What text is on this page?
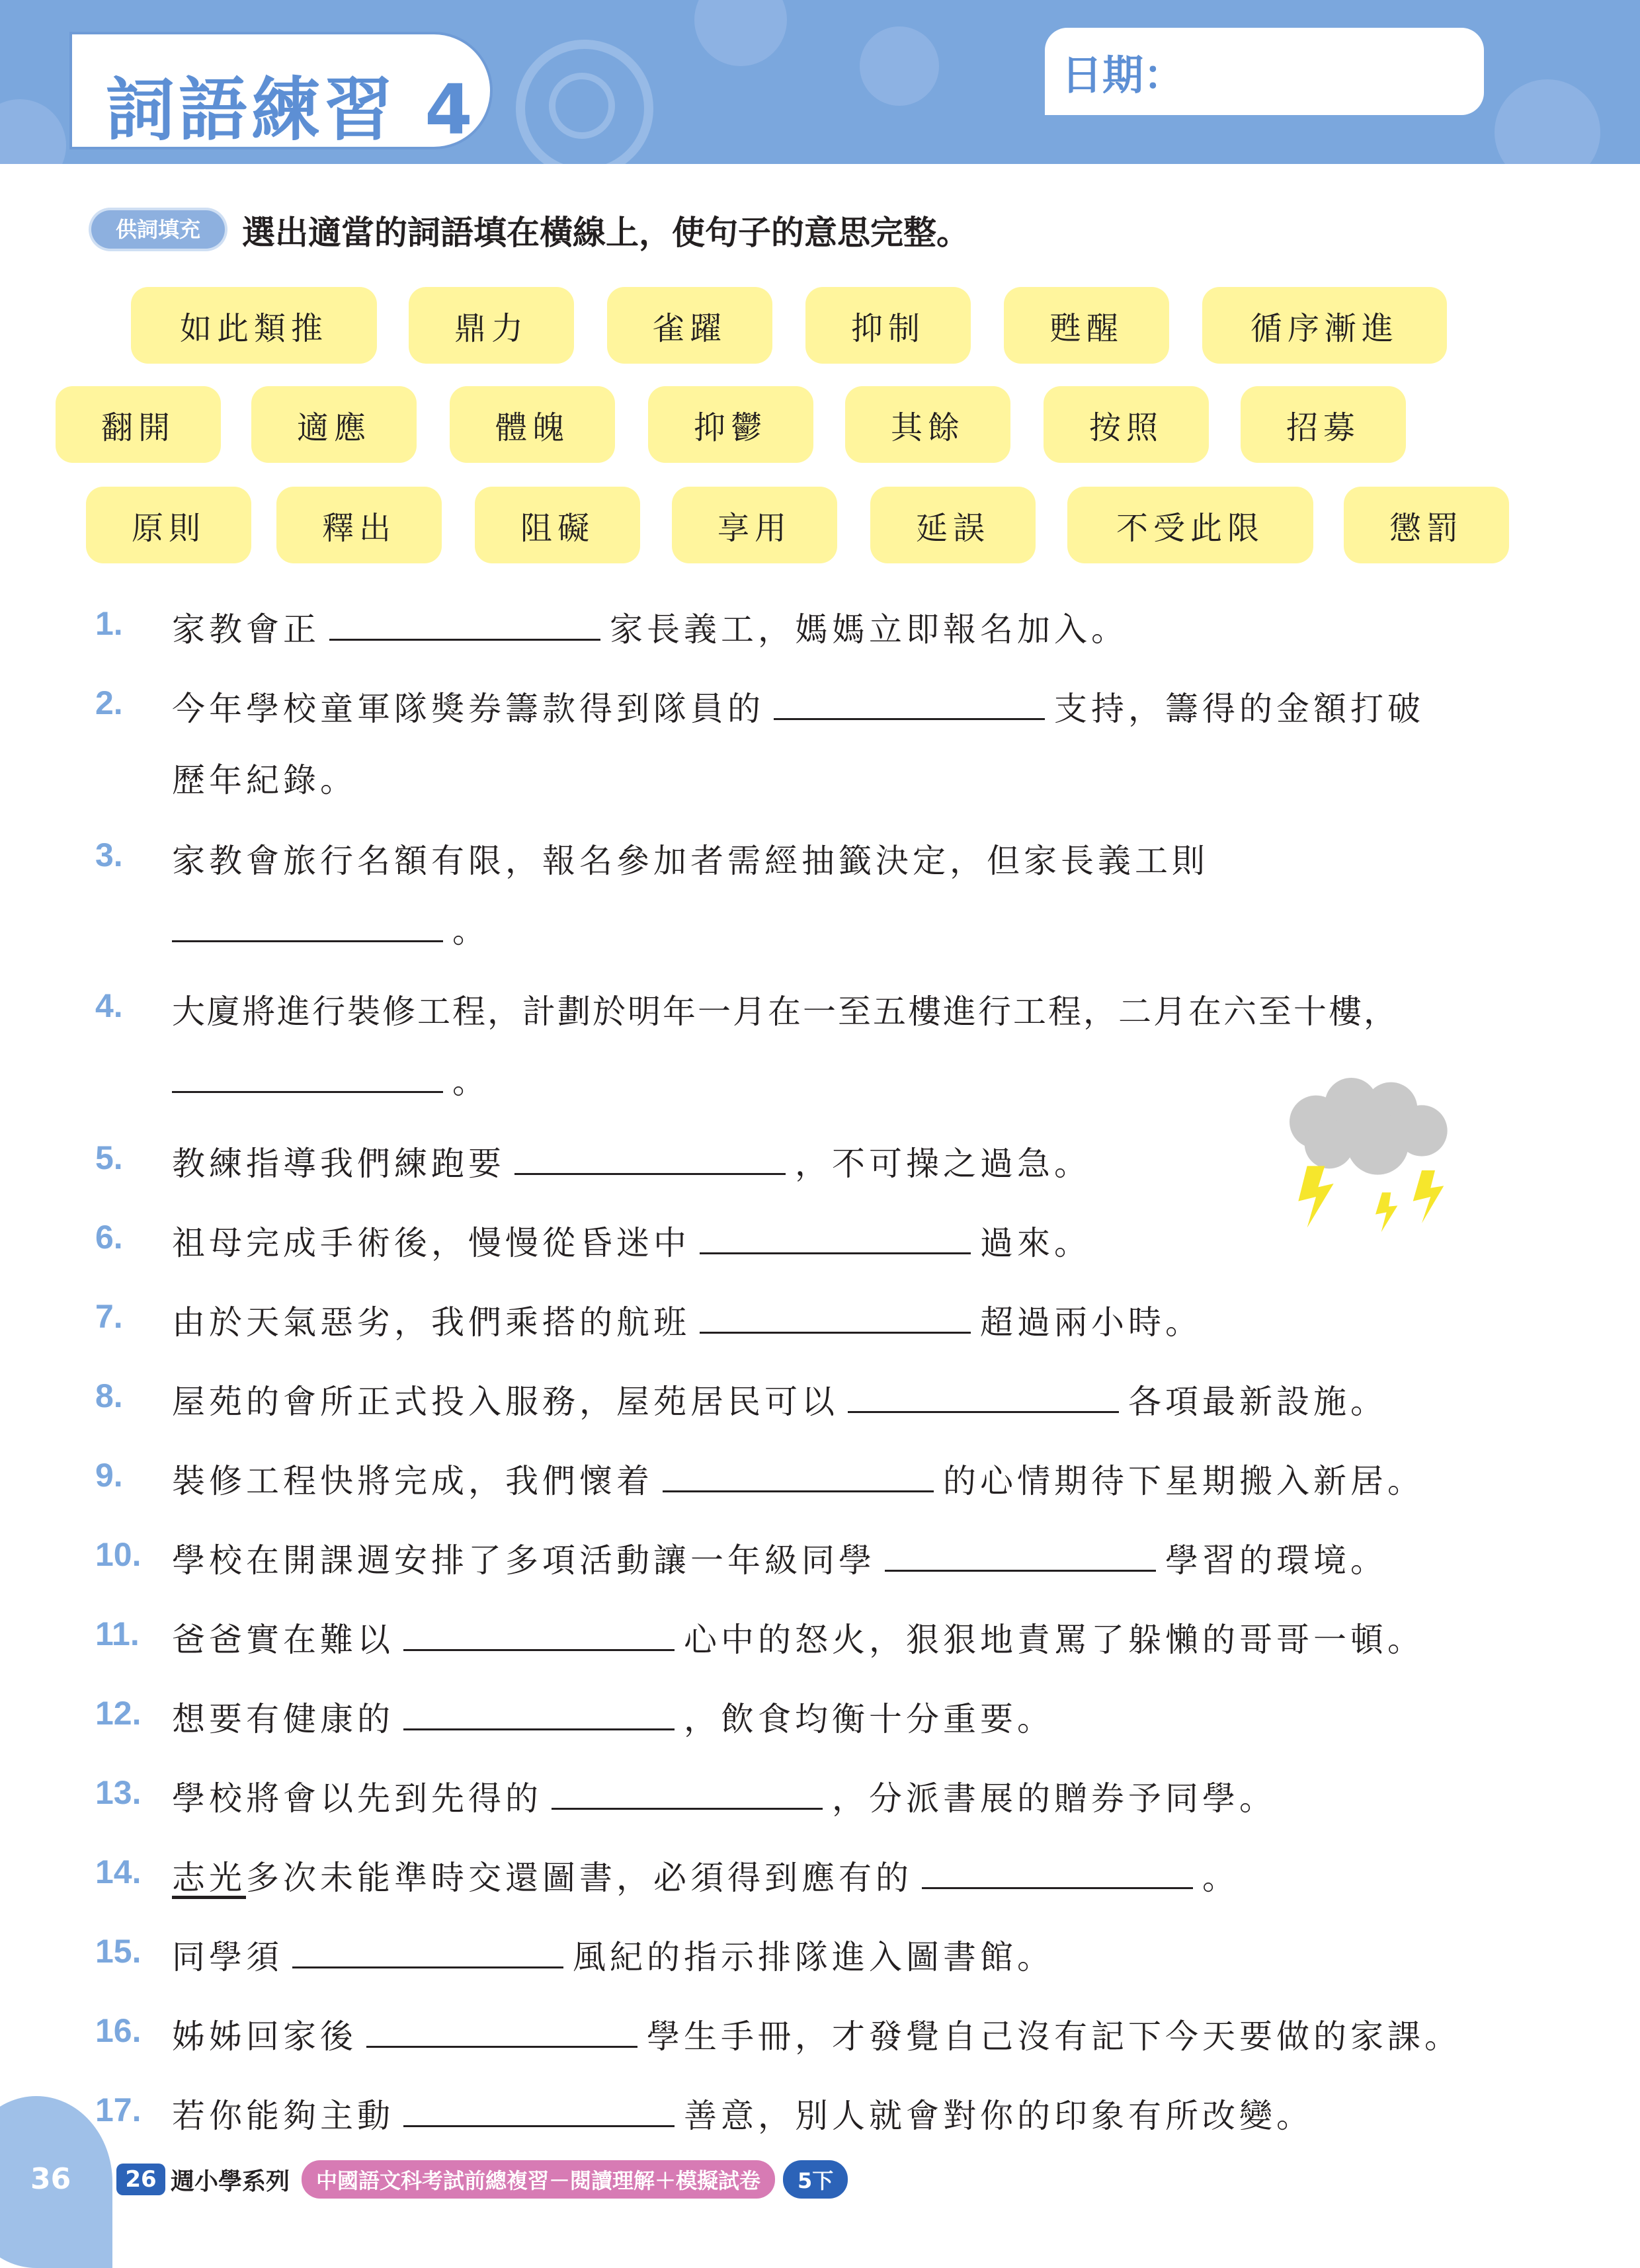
詞語練習 4	日期：
供詞填充	選出適當的詞語填在橫線上，使句子的意思完整。
如此類推	鼎力	雀躍	抑制	甦醒	循序漸進
翻開	適應	體魄	抑鬱	其餘	按照	招募
原則	釋出	阻礙	享用	延誤	不受此限	懲罰
1. 家教會正	家長義工，媽媽立即報名加入。
2. 今年學校童軍隊獎券籌款得到隊員的	支持，籌得的金額打破
歷年紀錄。
3. 家教會旅行名額有限，報名參加者需經抽籤決定，但家長義工則
。
4. 大廈將進行裝修工程，計劃於明年一月在一至五樓進行工程，二月在六至十樓，
。
5. 教練指導我們練跑要	，不可操之過急。
6. 祖母完成手術後，慢慢從昏迷中	過來。
7. 由於天氣惡劣，我們乘搭的航班	超過兩小時。
8. 屋苑的會所正式投入服務，屋苑居民可以	各項最新設施。
9. 裝修工程快將完成，我們懷着	的心情期待下星期搬入新居。
10. 學校在開課週安排了多項活動讓一年級同學	學習的環境。
11. 爸爸實在難以	心中的怒火，狠狠地責罵了躲懶的哥哥一頓。
12. 想要有健康的	，飲食均衡十分重要。
13. 學校將會以先到先得的	，分派書展的贈券予同學。
14. 志光多次未能準時交還圖書，必須得到應有的	。
15. 同學須	風紀的指示排隊進入圖書館。
16. 姊姊回家後	學生手冊，才發覺自己沒有記下今天要做的家課。
17. 若你能夠主動	善意，別人就會對你的印象有所改變。
36	26 週小學系列	中國語文科考試前總複習－閱讀理解＋模擬試卷	5下
